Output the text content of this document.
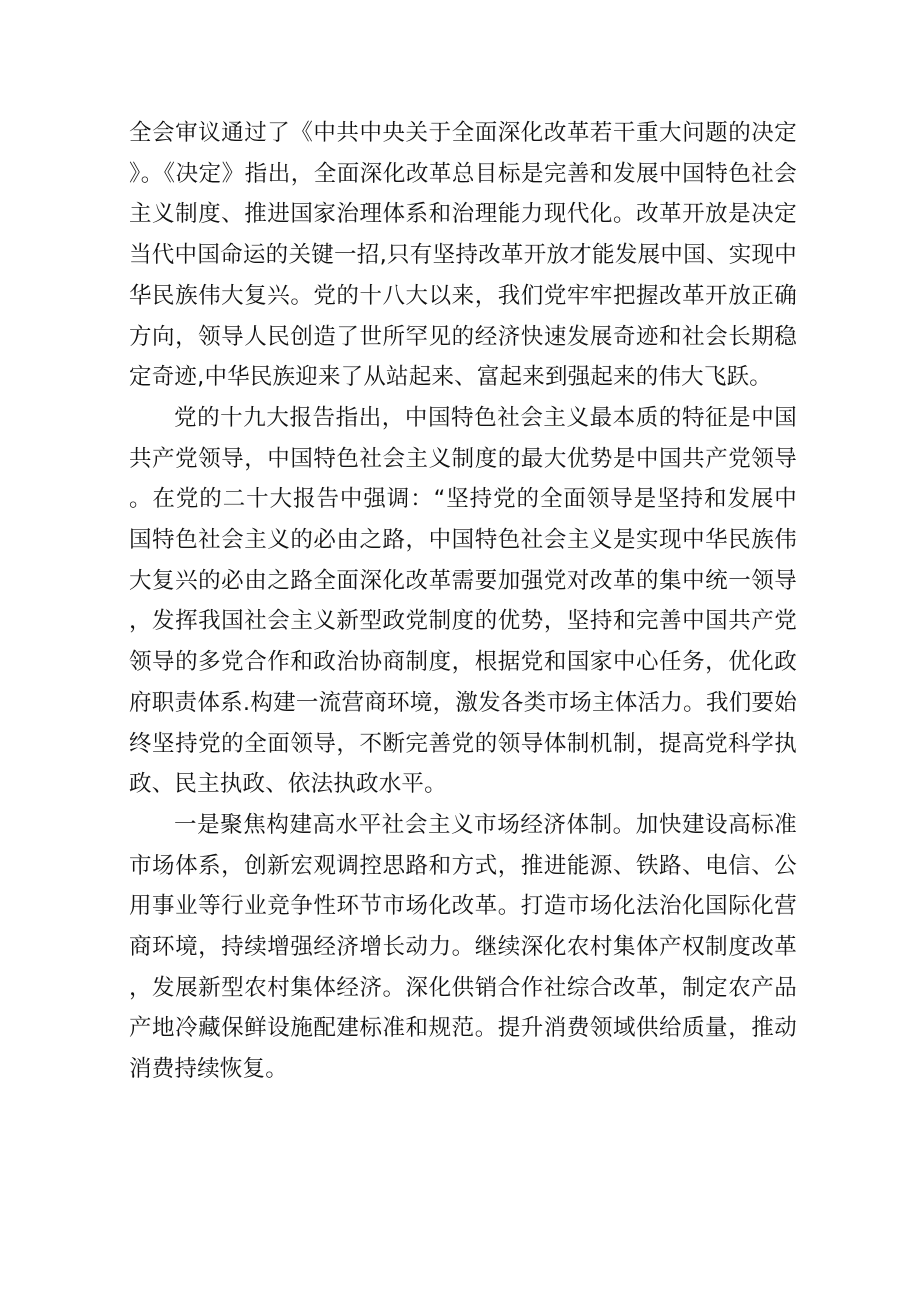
全会审议通过了《中共中央关于全面深化改革若干重大问题的决定》。《决定》指出，全面深化改革总目标是完善和发展中国特色社会主义制度、推进国家治理体系和治理能力现代化。改革开放是决定当代中国命运的关键一招,只有坚持改革开放才能发展中国、实现中华民族伟大复兴。党的十八大以来，我们党牢牢把握改革开放正确方向，领导人民创造了世所罕见的经济快速发展奇迹和社会长期稳定奇迹,中华民族迎来了从站起来、富起来到强起来的伟大飞跃。

党的十九大报告指出，中国特色社会主义最本质的特征是中国共产党领导，中国特色社会主义制度的最大优势是中国共产党领导。在党的二十大报告中强调：“坚持党的全面领导是坚持和发展中国特色社会主义的必由之路，中国特色社会主义是实现中华民族伟大复兴的必由之路全面深化改革需要加强党对改革的集中统一领导，发挥我国社会主义新型政党制度的优势，坚持和完善中国共产党领导的多党合作和政治协商制度，根据党和国家中心任务，优化政府职责体系.构建一流营商环境，激发各类市场主体活力。我们要始终坚持党的全面领导，不断完善党的领导体制机制，提高党科学执政、民主执政、依法执政水平。

一是聚焦构建高水平社会主义市场经济体制。加快建设高标准市场体系，创新宏观调控思路和方式，推进能源、铁路、电信、公用事业等行业竞争性环节市场化改革。打造市场化法治化国际化营商环境，持续增强经济增长动力。继续深化农村集体产权制度改革，发展新型农村集体经济。深化供销合作社综合改革，制定农产品产地冷藏保鲜设施配建标准和规范。提升消费领域供给质量，推动消费持续恢复。
